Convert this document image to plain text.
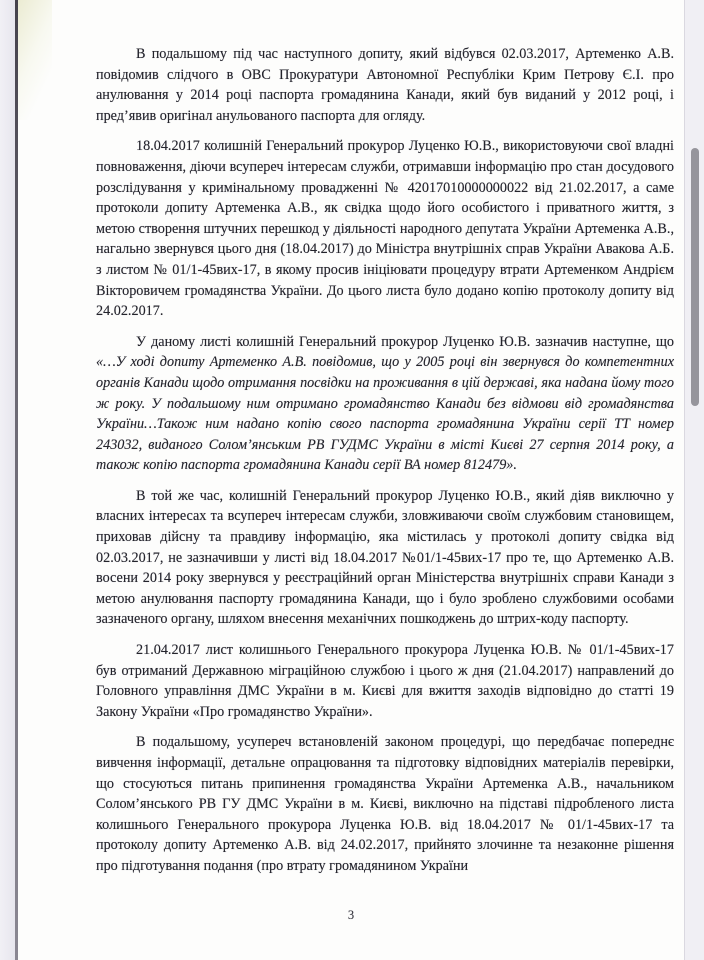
В подальшому під час наступного допиту, який відбувся 02.03.2017, Артеменко А.В. повідомив слідчого в ОВС Прокуратури Автономної Республіки Крим Петрову Є.І. про анулювання у 2014 році паспорта громадянина Канади, який був виданий у 2012 році, і пред’явив оригінал анульованого паспорта для огляду.

18.04.2017 колишній Генеральний прокурор Луценко Ю.В., використовуючи свої владні повноваження, діючи всупереч інтересам служби, отримавши інформацію про стан досудового розслідування у кримінальному провадженні № 42017010000000022 від 21.02.2017, а саме протоколи допиту Артеменка А.В., як свідка щодо його особистого і приватного життя, з метою створення штучних перешкод у діяльності народного депутата України Артеменка А.В., нагально звернувся цього дня (18.04.2017) до Міністра внутрішніх справ України Авакова А.Б. з листом № 01/1-45вих-17, в якому просив ініціювати процедуру втрати Артеменком Андрієм Вікторовичем громадянства України. До цього листа було додано копію протоколу допиту від 24.02.2017.

У даному листі колишній Генеральний прокурор Луценко Ю.В. зазначив наступне, що «…У ході допиту Артеменко А.В. повідомив, що у 2005 році він звернувся до компетентних органів Канади щодо отримання посвідки на проживання в цій державі, яка надана йому того ж року. У подальшому ним отримано громадянство Канади без відмови від громадянства України…Також ним надано копію свого паспорта громадянина України серії ТТ номер 243032, виданого Солом’янським РВ ГУДМС України в місті Києві 27 серпня 2014 року, а також копію паспорта громадянина Канади серії ВА номер 812479».

В той же час, колишній Генеральний прокурор Луценко Ю.В., який діяв виключно у власних інтересах та всупереч інтересам служби, зловживаючи своїм службовим становищем, приховав дійсну та правдиву інформацію, яка містилась у протоколі допиту свідка від 02.03.2017, не зазначивши у листі від 18.04.2017 №01/1-45вих-17 про те, що Артеменко А.В. восени 2014 року звернувся у реєстраційний орган Міністерства внутрішніх справи Канади з метою анулювання паспорту громадянина Канади, що і було зроблено службовими особами зазначеного органу, шляхом внесення механічних пошкоджень до штрих-коду паспорту.

21.04.2017 лист колишнього Генерального прокурора Луценка Ю.В. № 01/1-45вих-17 був отриманий Державною міграційною службою і цього ж дня (21.04.2017) направлений до Головного управління ДМС України в м. Києві для вжиття заходів відповідно до статті 19 Закону України «Про громадянство України».

В подальшому, усупереч встановленій законом процедурі, що передбачає попереднє вивчення інформації, детальне опрацювання та підготовку відповідних матеріалів перевірки, що стосуються питань припинення громадянства України Артеменка А.В., начальником Солом’янського РВ ГУ ДМС України в м. Києві, виключно на підставі підробленого листа колишнього Генерального прокурора Луценка Ю.В. від 18.04.2017 № 01/1-45вих-17 та протоколу допиту Артеменко А.В. від 24.02.2017, прийнято злочинне та незаконне рішення про підготування подання (про втрату громадянином України

3
